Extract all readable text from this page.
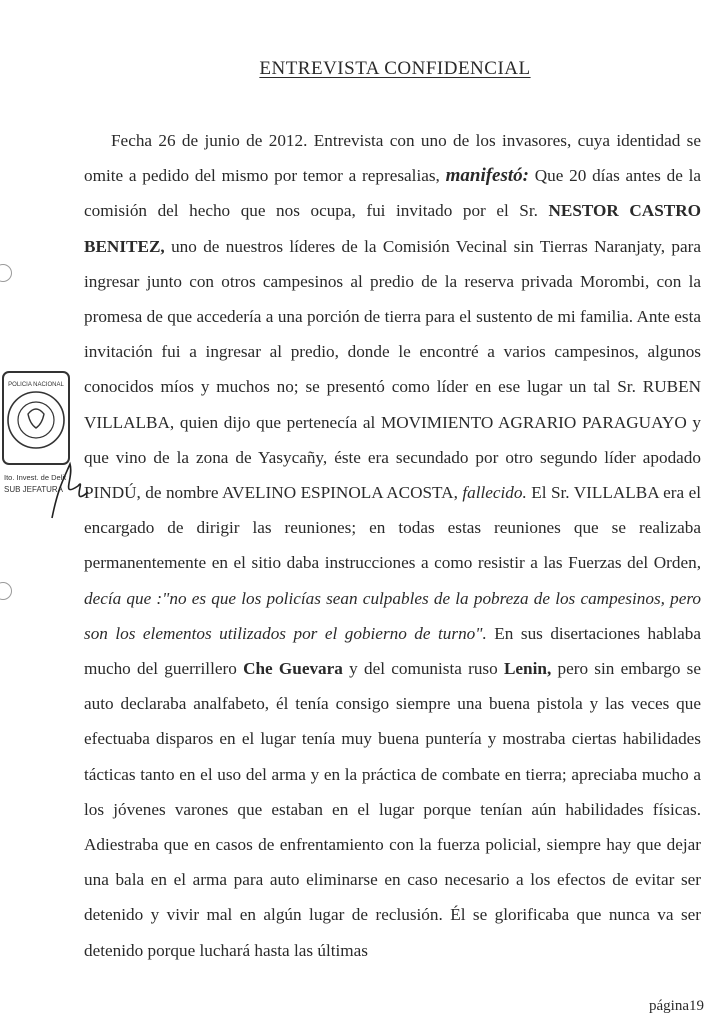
ENTREVISTA CONFIDENCIAL
Fecha 26 de junio de 2012. Entrevista con uno de los invasores, cuya identidad se omite a pedido del mismo por temor a represalias, manifestó: Que 20 días antes de la comisión del hecho que nos ocupa, fui invitado por el Sr. NESTOR CASTRO BENITEZ, uno de nuestros líderes de la Comisión Vecinal sin Tierras Naranjaty, para ingresar junto con otros campesinos al predio de la reserva privada Morombi, con la promesa de que accedería a una porción de tierra para el sustento de mi familia. Ante esta invitación fui a ingresar al predio, donde le encontré a varios campesinos, algunos conocidos míos y muchos no; se presentó como líder en ese lugar un tal Sr. RUBEN VILLALBA, quien dijo que pertenecía al MOVIMIENTO AGRARIO PARAGUAYO y que vino de la zona de Yasycañy, éste era secundado por otro segundo líder apodado PINDÚ, de nombre AVELINO ESPINOLA ACOSTA, fallecido. El Sr. VILLALBA era el encargado de dirigir las reuniones; en todas estas reuniones que se realizaba permanentemente en el sitio daba instrucciones a como resistir a las Fuerzas del Orden, decía que :"no es que los policías sean culpables de la pobreza de los campesinos, pero son los elementos utilizados por el gobierno de turno". En sus disertaciones hablaba mucho del guerrillero Che Guevara y del comunista ruso Lenin, pero sin embargo se auto declaraba analfabeto, él tenía consigo siempre una buena pistola y las veces que efectuaba disparos en el lugar tenía muy buena puntería y mostraba ciertas habilidades tácticas tanto en el uso del arma y en la práctica de combate en tierra; apreciaba mucho a los jóvenes varones que estaban en el lugar porque tenían aún habilidades físicas. Adiestraba que en casos de enfrentamiento con la fuerza policial, siempre hay que dejar una bala en el arma para auto eliminarse en caso necesario a los efectos de evitar ser detenido y vivir mal en algún lugar de reclusión. Él se glorificaba que nunca va ser detenido porque luchará hasta las últimas
POLICIA NACIONAL
Ito. Invest. de Delit
SUB JEFATURA
página19
